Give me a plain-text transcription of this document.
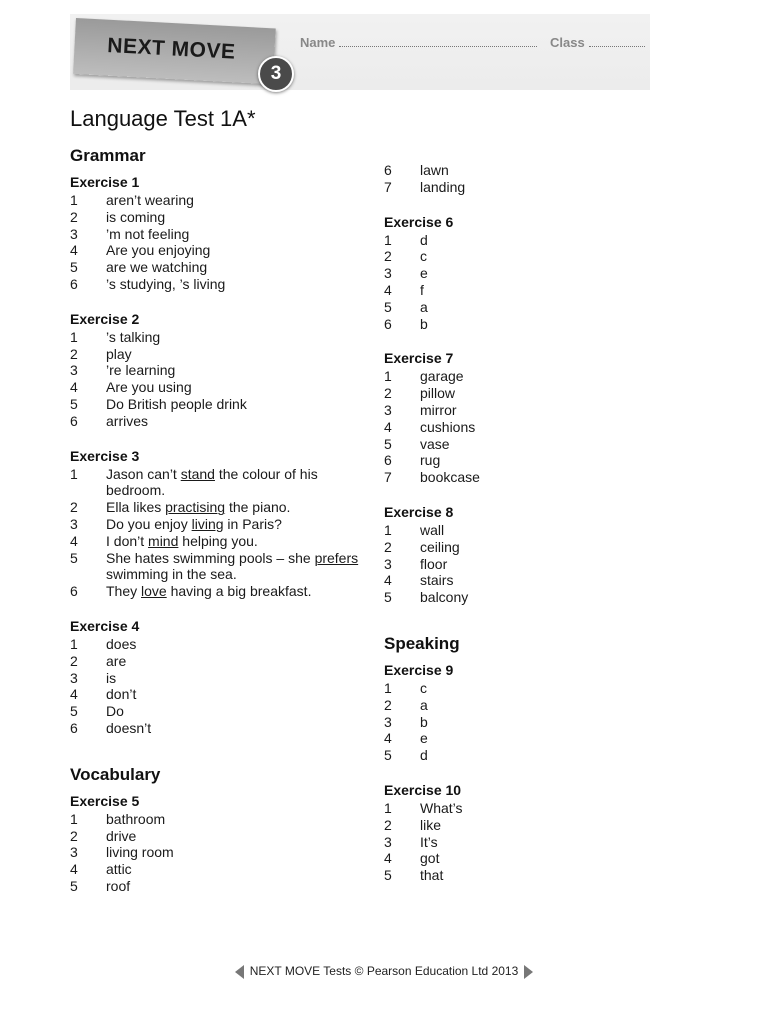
NEXT MOVE
3
Name	Class
Language Test 1A*
Grammar
Exercise 1
1	aren’t wearing
2	is coming
3	’m not feeling
4	Are you enjoying
5	are we watching
6	’s studying, ’s living
Exercise 2
1	’s talking
2	play
3	’re learning
4	Are you using
5	Do British people drink
6	arrives
Exercise 3
1	Jason can’t stand the colour of his bedroom.
2	Ella likes practising the piano.
3	Do you enjoy living in Paris?
4	I don’t mind helping you.
5	She hates swimming pools – she prefers swimming in the sea.
6	They love having a big breakfast.
Exercise 4
1	does
2	are
3	is
4	don’t
5	Do
6	doesn’t
Vocabulary
Exercise 5
1	bathroom
2	drive
3	living room
4	attic
5	roof
6	lawn
7	landing
Exercise 6
1	d
2	c
3	e
4	f
5	a
6	b
Exercise 7
1	garage
2	pillow
3	mirror
4	cushions
5	vase
6	rug
7	bookcase
Exercise 8
1	wall
2	ceiling
3	floor
4	stairs
5	balcony
Speaking
Exercise 9
1	c
2	a
3	b
4	e
5	d
Exercise 10
1	What’s
2	like
3	It’s
4	got
5	that
NEXT MOVE Tests © Pearson Education Ltd 2013
